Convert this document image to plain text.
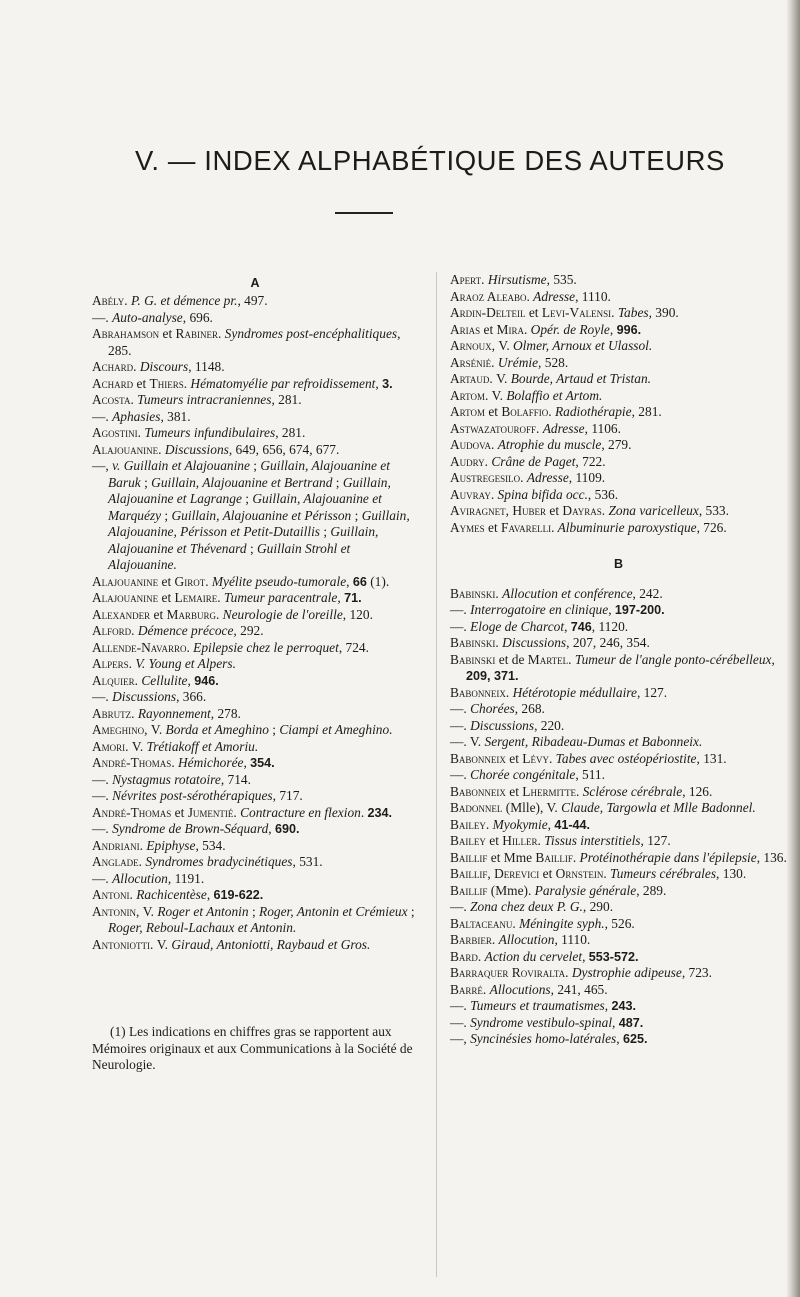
V. — INDEX ALPHABÉTIQUE DES AUTEURS

A

Abély. P. G. et démence pr., 497.

—. Auto-analyse, 696.

Abrahamson et Rabiner. Syndromes post-encéphalitiques, 285.

Achard. Discours, 1148.

Achard et Thiers. Hématomyélie par refroidissement, 3.

Acosta. Tumeurs intracraniennes, 281.

—. Aphasies, 381.

Agostini. Tumeurs infundibulaires, 281.

Alajouanine. Discussions, 649, 656, 674, 677.

—, v. Guillain et Alajouanine ; Guillain, Alajouanine et Baruk ; Guillain, Alajouanine et Bertrand ; Guillain, Alajouanine et Lagrange ; Guillain, Alajouanine et Marquézy ; Guillain, Alajouanine et Périsson ; Guillain, Alajouanine, Périsson et Petit-Dutaillis ; Guillain, Alajouanine et Thévenard ; Guillain Strohl et Alajouanine.

Alajouanine et Girot. Myélite pseudo-tumorale, 66 (1).

Alajouanine et Lemaire. Tumeur paracentrale, 71.

Alexander et Marburg. Neurologie de l'oreille, 120.

Alford. Démence précoce, 292.

Allende-Navarro. Epilepsie chez le perroquet, 724.

Alpers. V. Young et Alpers.

Alquier. Cellulite, 946.

—. Discussions, 366.

Abrutz. Rayonnement, 278.

Ameghino, V. Borda et Ameghino ; Ciampi et Ameghino.

Amori. V. Trétiakoff et Amoriu.

André-Thomas. Hémichorée, 354.

—. Nystagmus rotatoire, 714.

—. Névrites post-sérothérapiques, 717.

André-Thomas et Jumentié. Contracture en flexion. 234.

—. Syndrome de Brown-Séquard, 690.

Andriani. Epiphyse, 534.

Anglade. Syndromes bradycinétiques, 531.

—. Allocution, 1191.

Antoni. Rachicentèse, 619-622.

Antonin, V. Roger et Antonin ; Roger, Antonin et Crémieux ; Roger, Reboul-Lachaux et Antonin.

Antoniotti. V. Giraud, Antoniotti, Raybaud et Gros.

(1) Les indications en chiffres gras se rapportent aux Mémoires originaux et aux Communications à la Société de Neurologie.

Apert. Hirsutisme, 535.

Araoz Aleabo. Adresse, 1110.

Ardin-Delteil et Levi-Valensi. Tabes, 390.

Arias et Mira. Opér. de Royle, 996.

Arnoux, V. Olmer, Arnoux et Ulassol.

Arsénié. Urémie, 528.

Artaud. V. Bourde, Artaud et Tristan.

Artom. V. Bolaffio et Artom.

Artom et Bolaffio. Radiothérapie, 281.

Astwazatouroff. Adresse, 1106.

Audova. Atrophie du muscle, 279.

Audry. Crâne de Paget, 722.

Austregesilo. Adresse, 1109.

Auvray. Spina bifida occ., 536.

Aviragnet, Huber et Dayras. Zona varicelleux, 533.

Aymes et Favarelli. Albuminurie paroxystique, 726.

B

Babinski. Allocution et conférence, 242.

—. Interrogatoire en clinique, 197-200.

—. Eloge de Charcot, 746, 1120.

Babinski. Discussions, 207, 246, 354.

Babinski et de Martel. Tumeur de l'angle ponto-cérébelleux, 209, 371.

Babonneix. Hétérotopie médullaire, 127.

—. Chorées, 268.

—. Discussions, 220.

—. V. Sergent, Ribadeau-Dumas et Babonneix.

Babonneix et Lévy. Tabes avec ostéopériostite, 131.

—. Chorée congénitale, 511.

Babonneix et Lhermitte. Sclérose cérébrale, 126.

Badonnel (Mlle), V. Claude, Targowla et Mlle Badonnel.

Bailey. Myokymie, 41-44.

Bailey et Hiller. Tissus interstitiels, 127.

Baillif et Mme Baillif. Protéinothérapie dans l'épilepsie, 136.

Baillif, Derevici et Ornstein. Tumeurs cérébrales, 130.

Baillif (Mme). Paralysie générale, 289.

—. Zona chez deux P. G., 290.

Baltaceanu. Méningite syph., 526.

Barbier. Allocution, 1110.

Bard. Action du cervelet, 553-572.

Barraquer Roviralta. Dystrophie adipeuse, 723.

Barré. Allocutions, 241, 465.

—. Tumeurs et traumatismes, 243.

—. Syndrome vestibulo-spinal, 487.

—, Syncinésies homo-latérales, 625.
